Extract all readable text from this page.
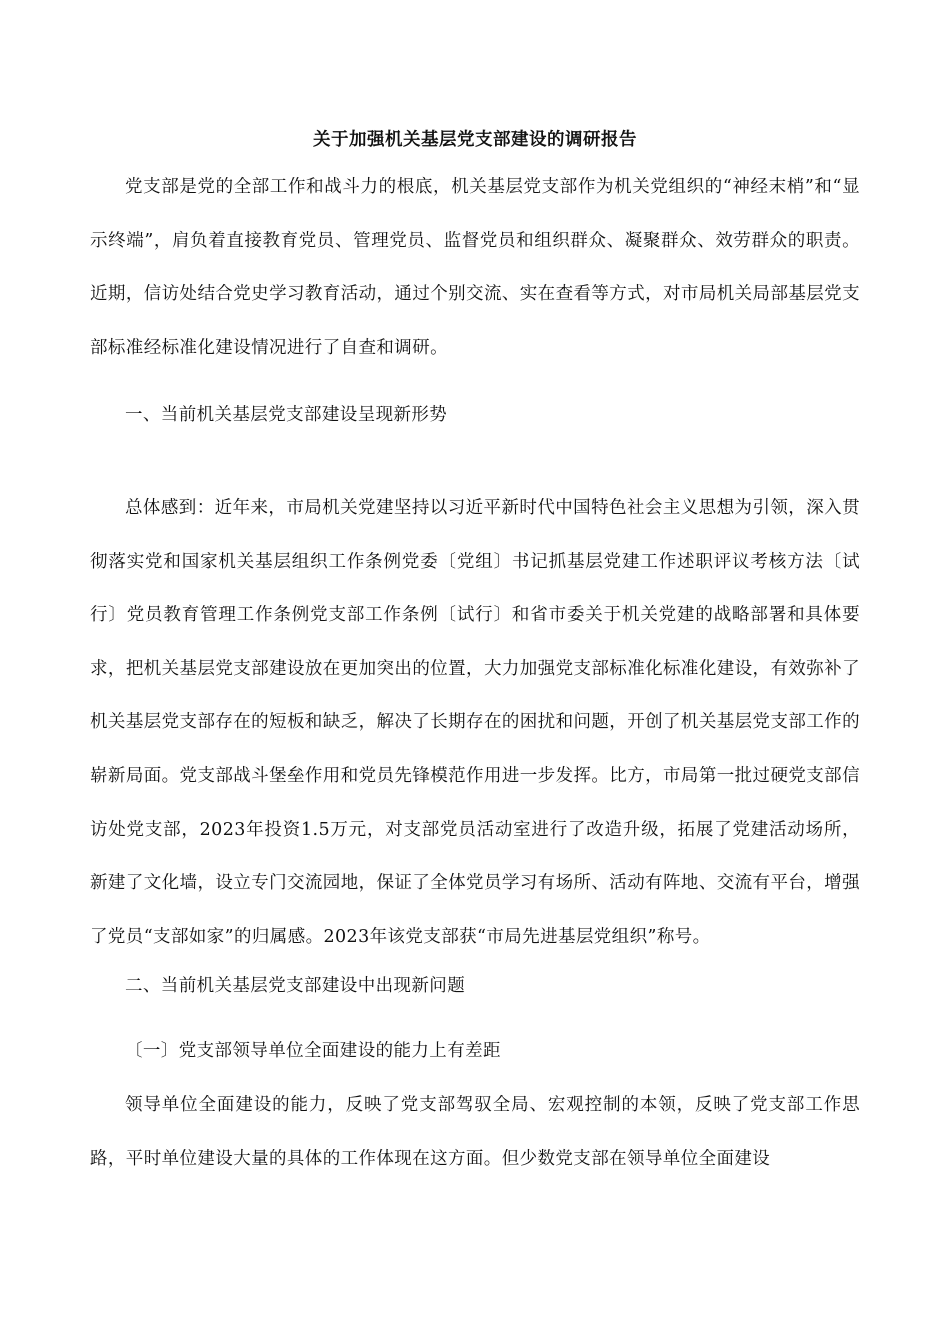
关于加强机关基层党支部建设的调研报告

党支部是党的全部工作和战斗力的根底，机关基层党支部作为机关党组织的“神经末梢”和“显示终端”，肩负着直接教育党员、管理党员、监督党员和组织群众、凝聚群众、效劳群众的职责。近期，信访处结合党史学习教育活动，通过个别交流、实在查看等方式，对市局机关局部基层党支部标准经标准化建设情况进行了自查和调研。

一、当前机关基层党支部建设呈现新形势

总体感到：近年来，市局机关党建坚持以习近平新时代中国特色社会主义思想为引领，深入贯彻落实党和国家机关基层组织工作条例党委〔党组〕书记抓基层党建工作述职评议考核方法〔试行〕党员教育管理工作条例党支部工作条例〔试行〕和省市委关于机关党建的战略部署和具体要求，把机关基层党支部建设放在更加突出的位置，大力加强党支部标准化标准化建设，有效弥补了机关基层党支部存在的短板和缺乏，解决了长期存在的困扰和问题，开创了机关基层党支部工作的崭新局面。党支部战斗堡垒作用和党员先锋模范作用进一步发挥。比方，市局第一批过硬党支部信访处党支部，2023年投资1.5万元，对支部党员活动室进行了改造升级，拓展了党建活动场所，新建了文化墙，设立专门交流园地，保证了全体党员学习有场所、活动有阵地、交流有平台，增强了党员“支部如家”的归属感。2023年该党支部获“市局先进基层党组织”称号。

二、当前机关基层党支部建设中出现新问题
〔一〕党支部领导单位全面建设的能力上有差距

领导单位全面建设的能力，反映了党支部驾驭全局、宏观控制的本领，反映了党支部工作思路，平时单位建设大量的具体的工作体现在这方面。但少数党支部在领导单位全面建设
